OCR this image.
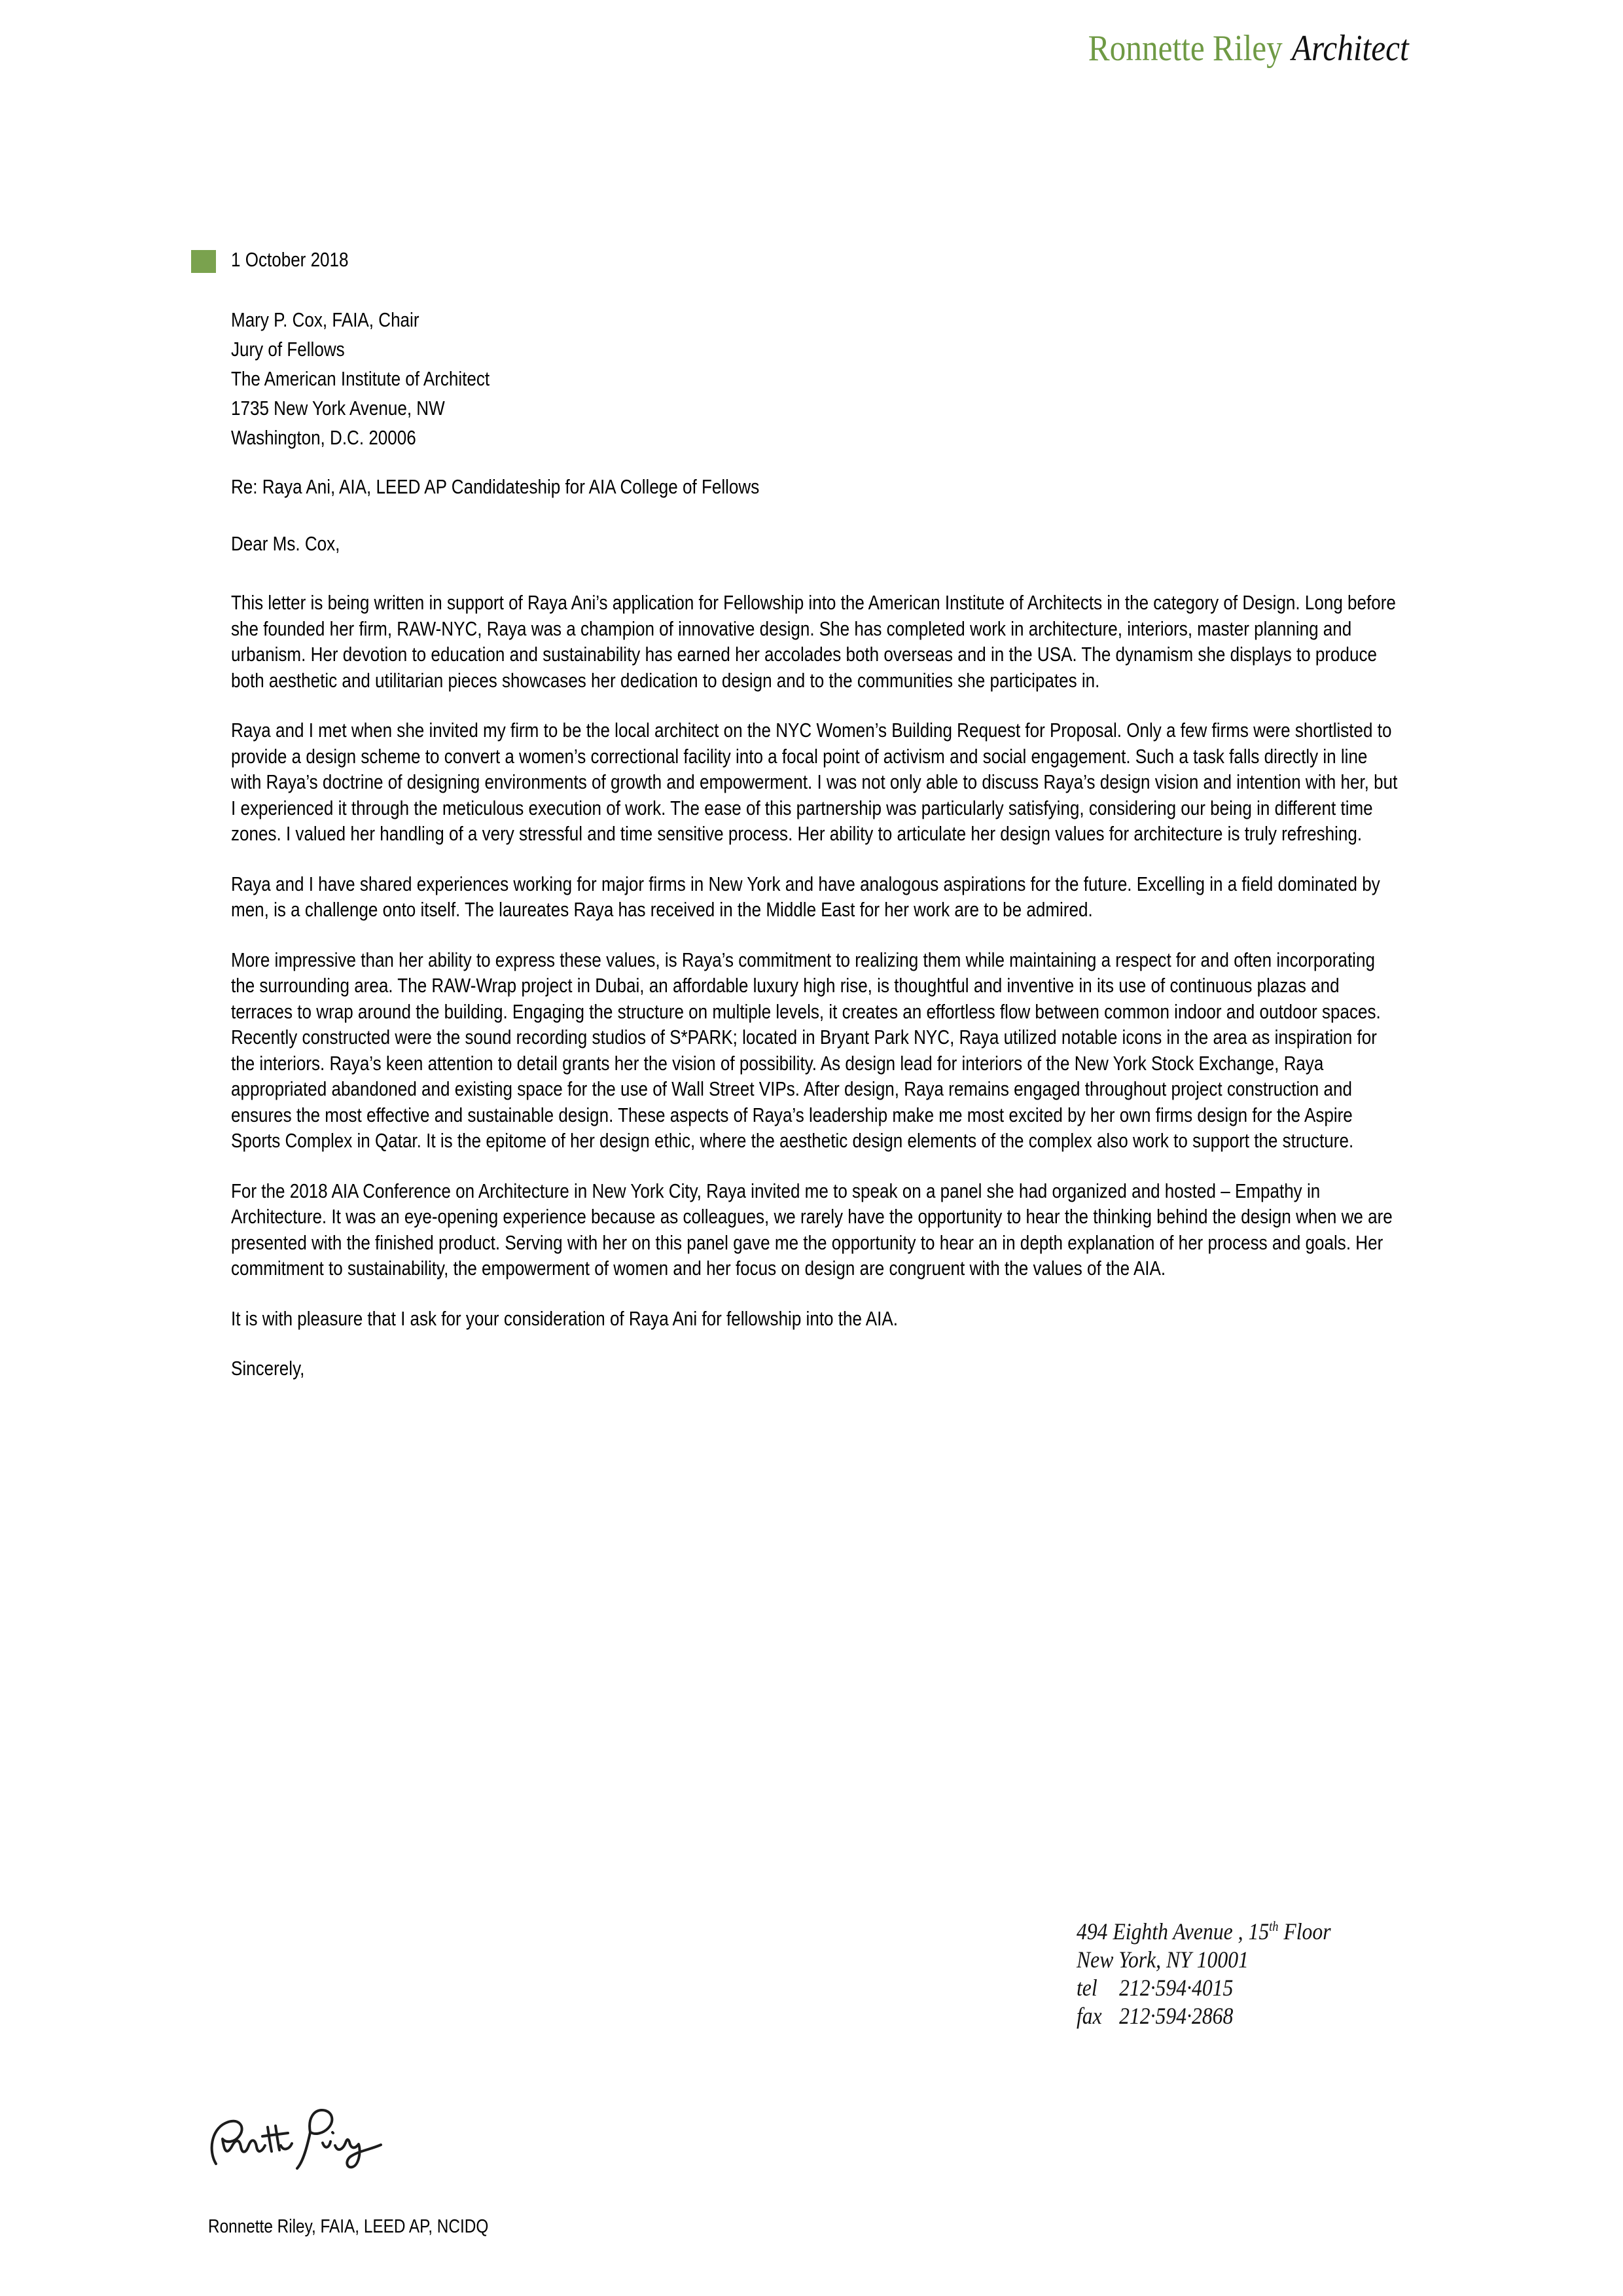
Ronnette Riley Architect
1 October 2018
Mary P. Cox, FAIA, Chair
Jury of Fellows
The American Institute of Architect
1735 New York Avenue, NW
Washington, D.C. 20006
Re: Raya Ani, AIA, LEED AP Candidateship for AIA College of Fellows
Dear Ms. Cox,

This letter is being written in support of Raya Ani’s application for Fellowship into the American Institute of Architects in the category of Design. Long before she founded her firm, RAW-NYC, Raya was a champion of innovative design. She has completed work in architecture, interiors, master planning and urbanism. Her devotion to education and sustainability has earned her accolades both overseas and in the USA. The dynamism she displays to produce both aesthetic and utilitarian pieces showcases her dedication to design and to the communities she participates in.

Raya and I met when she invited my firm to be the local architect on the NYC Women’s Building Request for Proposal. Only a few firms were shortlisted to provide a design scheme to convert a women’s correctional facility into a focal point of activism and social engagement. Such a task falls directly in line with Raya’s doctrine of designing environments of growth and empowerment. I was not only able to discuss Raya’s design vision and intention with her, but I experienced it through the meticulous execution of work. The ease of this partnership was particularly satisfying, considering our being in different time zones. I valued her handling of a very stressful and time sensitive process. Her ability to articulate her design values for architecture is truly refreshing.

Raya and I have shared experiences working for major firms in New York and have analogous aspirations for the future. Excelling in a field dominated by men, is a challenge onto itself. The laureates Raya has received in the Middle East for her work are to be admired.

More impressive than her ability to express these values, is Raya’s commitment to realizing them while maintaining a respect for and often incorporating the surrounding area. The RAW-Wrap project in Dubai, an affordable luxury high rise, is thoughtful and inventive in its use of continuous plazas and terraces to wrap around the building. Engaging the structure on multiple levels, it creates an effortless flow between common indoor and outdoor spaces. Recently constructed were the sound recording studios of S*PARK; located in Bryant Park NYC, Raya utilized notable icons in the area as inspiration for the interiors. Raya’s keen attention to detail grants her the vision of possibility. As design lead for interiors of the New York Stock Exchange, Raya appropriated abandoned and existing space for the use of Wall Street VIPs. After design, Raya remains engaged throughout project construction and ensures the most effective and sustainable design. These aspects of Raya’s leadership make me most excited by her own firms design for the Aspire Sports Complex in Qatar. It is the epitome of her design ethic, where the aesthetic design elements of the complex also work to support the structure.

For the 2018 AIA Conference on Architecture in New York City, Raya invited me to speak on a panel she had organized and hosted – Empathy in Architecture. It was an eye-opening experience because as colleagues, we rarely have the opportunity to hear the thinking behind the design when we are presented with the finished product. Serving with her on this panel gave me the opportunity to hear an in depth explanation of her process and goals. Her commitment to sustainability, the empowerment of women and her focus on design are congruent with the values of the AIA.

It is with pleasure that I ask for your consideration of Raya Ani for fellowship into the AIA.

Sincerely,

494 Eighth Avenue , 15th Floor
New York, NY 10001
tel 212·594·4015
fax 212·594·2868
Ronnette Riley, FAIA, LEED AP, NCIDQ
